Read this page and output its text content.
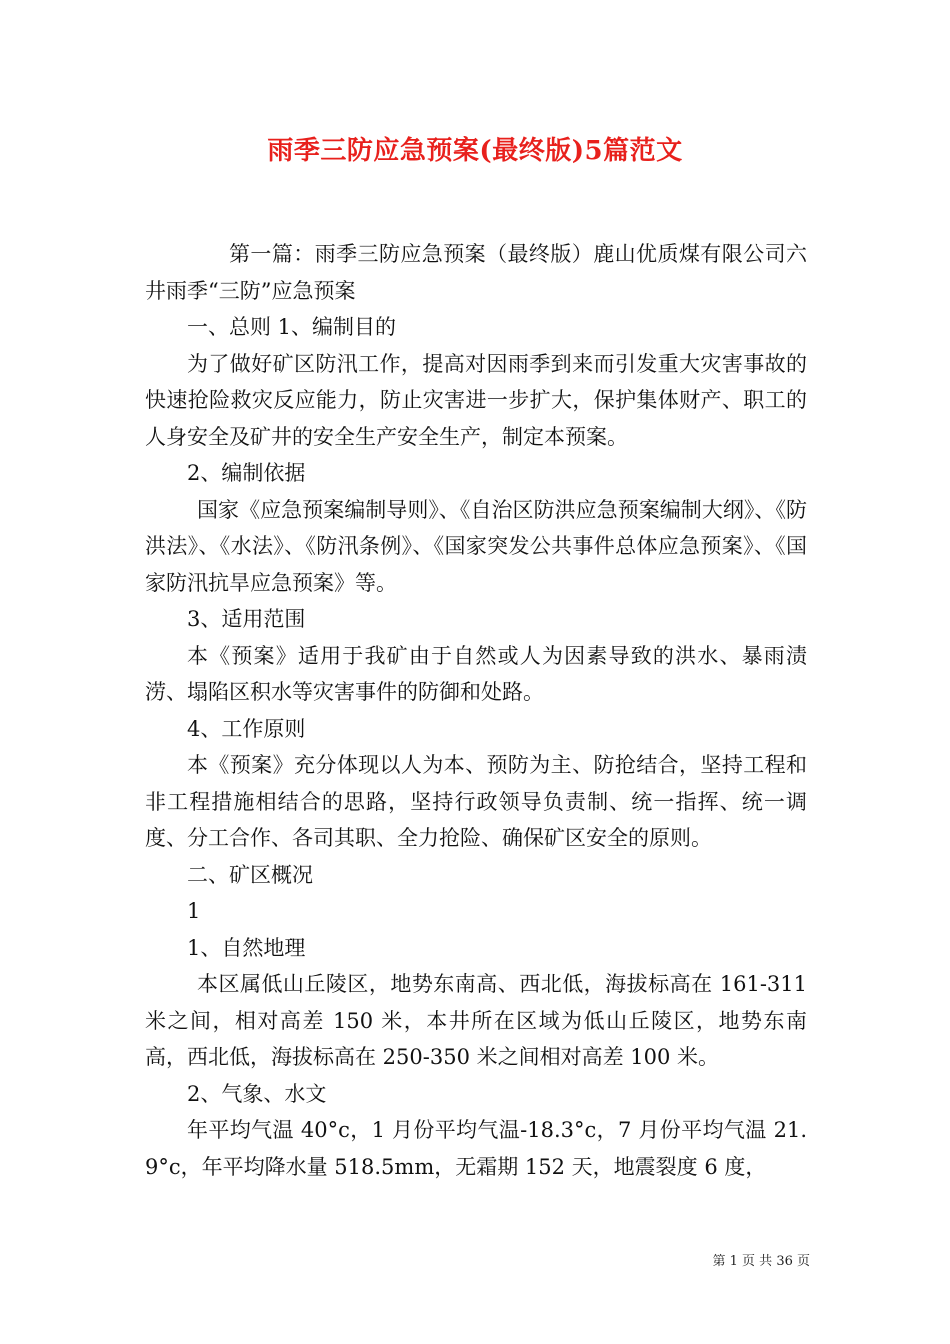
雨季三防应急预案(最终版)5篇范文

第一篇：雨季三防应急预案（最终版）鹿山优质煤有限公司六井雨季“三防”应急预案

一、总则 1、编制目的

为了做好矿区防汛工作，提高对因雨季到来而引发重大灾害事故的快速抢险救灾反应能力，防止灾害进一步扩大，保护集体财产、职工的人身安全及矿井的安全生产安全生产，制定本预案。

2、编制依据

国家《应急预案编制导则》、《自治区防洪应急预案编制大纲》、《防洪法》、《水法》、《防汛条例》、《国家突发公共事件总体应急预案》、《国家防汛抗旱应急预案》等。

3、适用范围

本《预案》适用于我矿由于自然或人为因素导致的洪水、暴雨渍涝、塌陷区积水等灾害事件的防御和处路。

4、工作原则

本《预案》充分体现以人为本、预防为主、防抢结合，坚持工程和非工程措施相结合的思路，坚持行政领导负责制、统一指挥、统一调度、分工合作、各司其职、全力抢险、确保矿区安全的原则。

二、矿区概况

1

1、自然地理

本区属低山丘陵区，地势东南高、西北低，海拔标高在 161-311 米之间，相对高差 150 米，本井所在区域为低山丘陵区，地势东南高，西北低，海拔标高在 250-350 米之间相对高差 100 米。

2、气象、水文

年平均气温 40°c，1 月份平均气温-18.3°c，7 月份平均气温 21.9°c，年平均降水量 518.5mm，无霜期 152 天，地震裂度 6 度，

第 1 页 共 36 页
